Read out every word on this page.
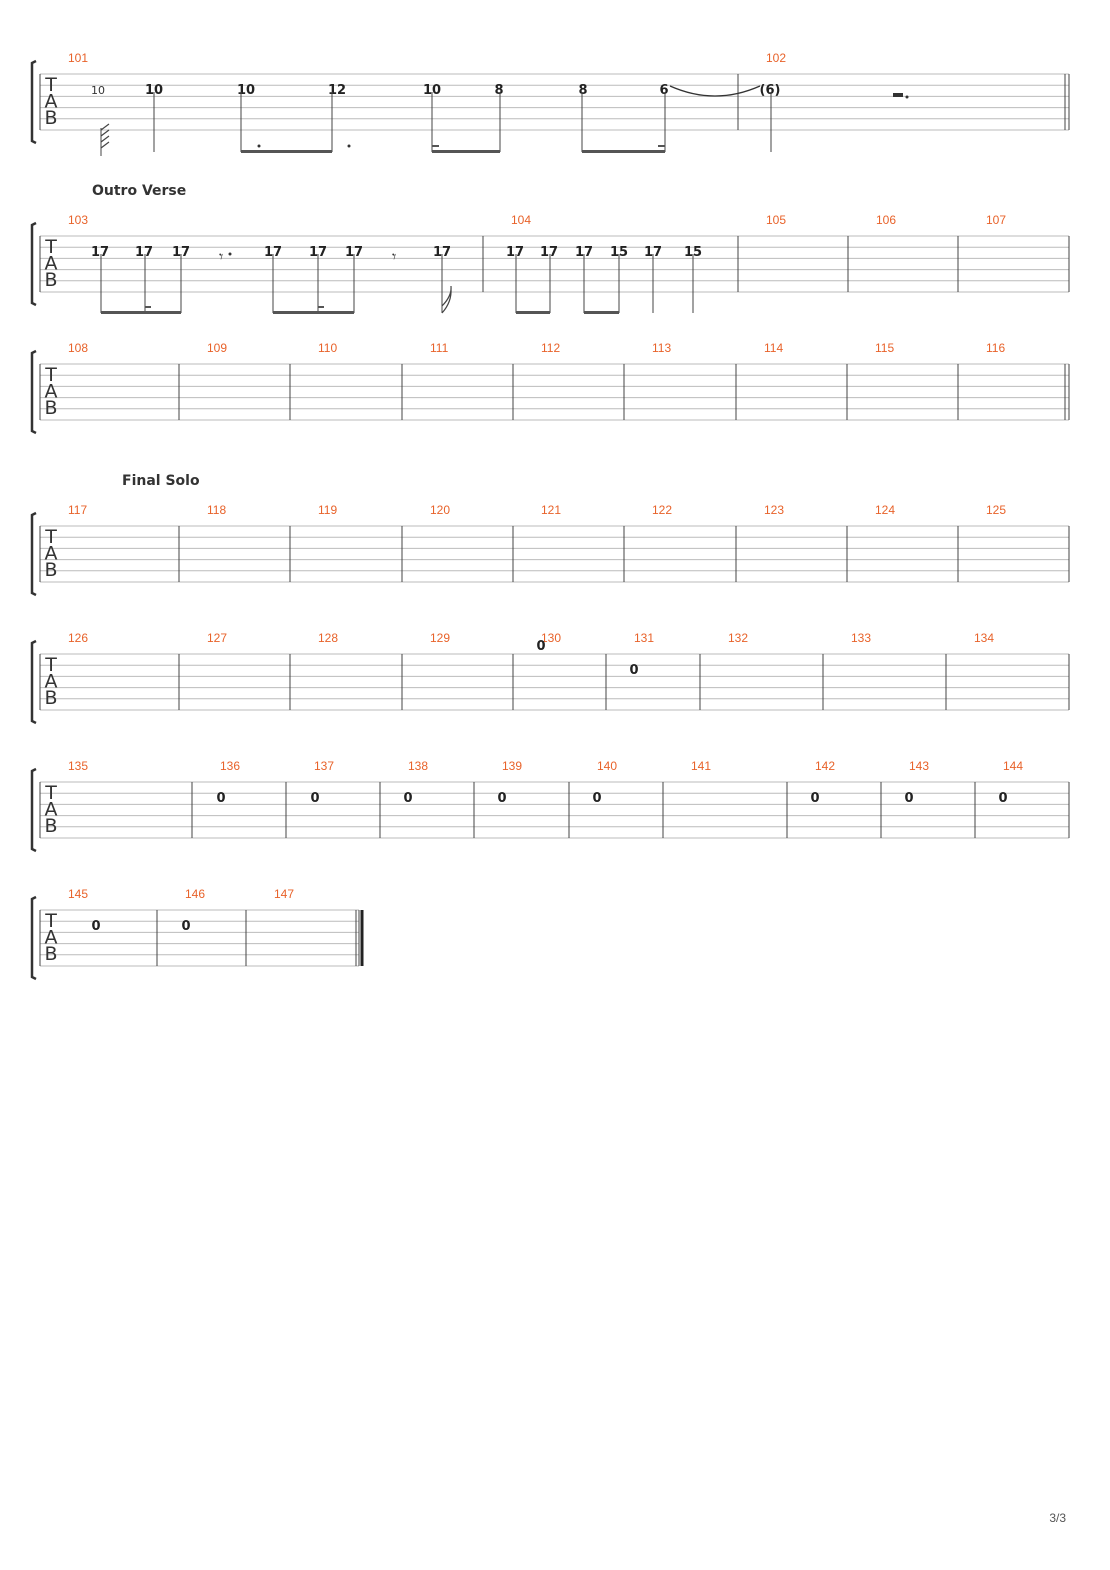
T
A
B
101
10	10	10	12	10	8	8	6
102
(6)
T
A
B
Outro Verse
103
17 17 17	17 17 17	17
104
17 17 17 15 17 15
105	106	107
T
A
B
108	109	110	111	112	113	114	115	116
T
A
B
Final Solo
117	118	119	120	121	122	123	124	125
T
A
B
126	127	128	129	130
0
131
0
132	133	134
T
A
B
135	136
0
137
0
138
0
139
0
140
0
141	142
0
143
0
144
0
T
A
B
145
0
146
0
147
𝄾	𝄾
3/3
